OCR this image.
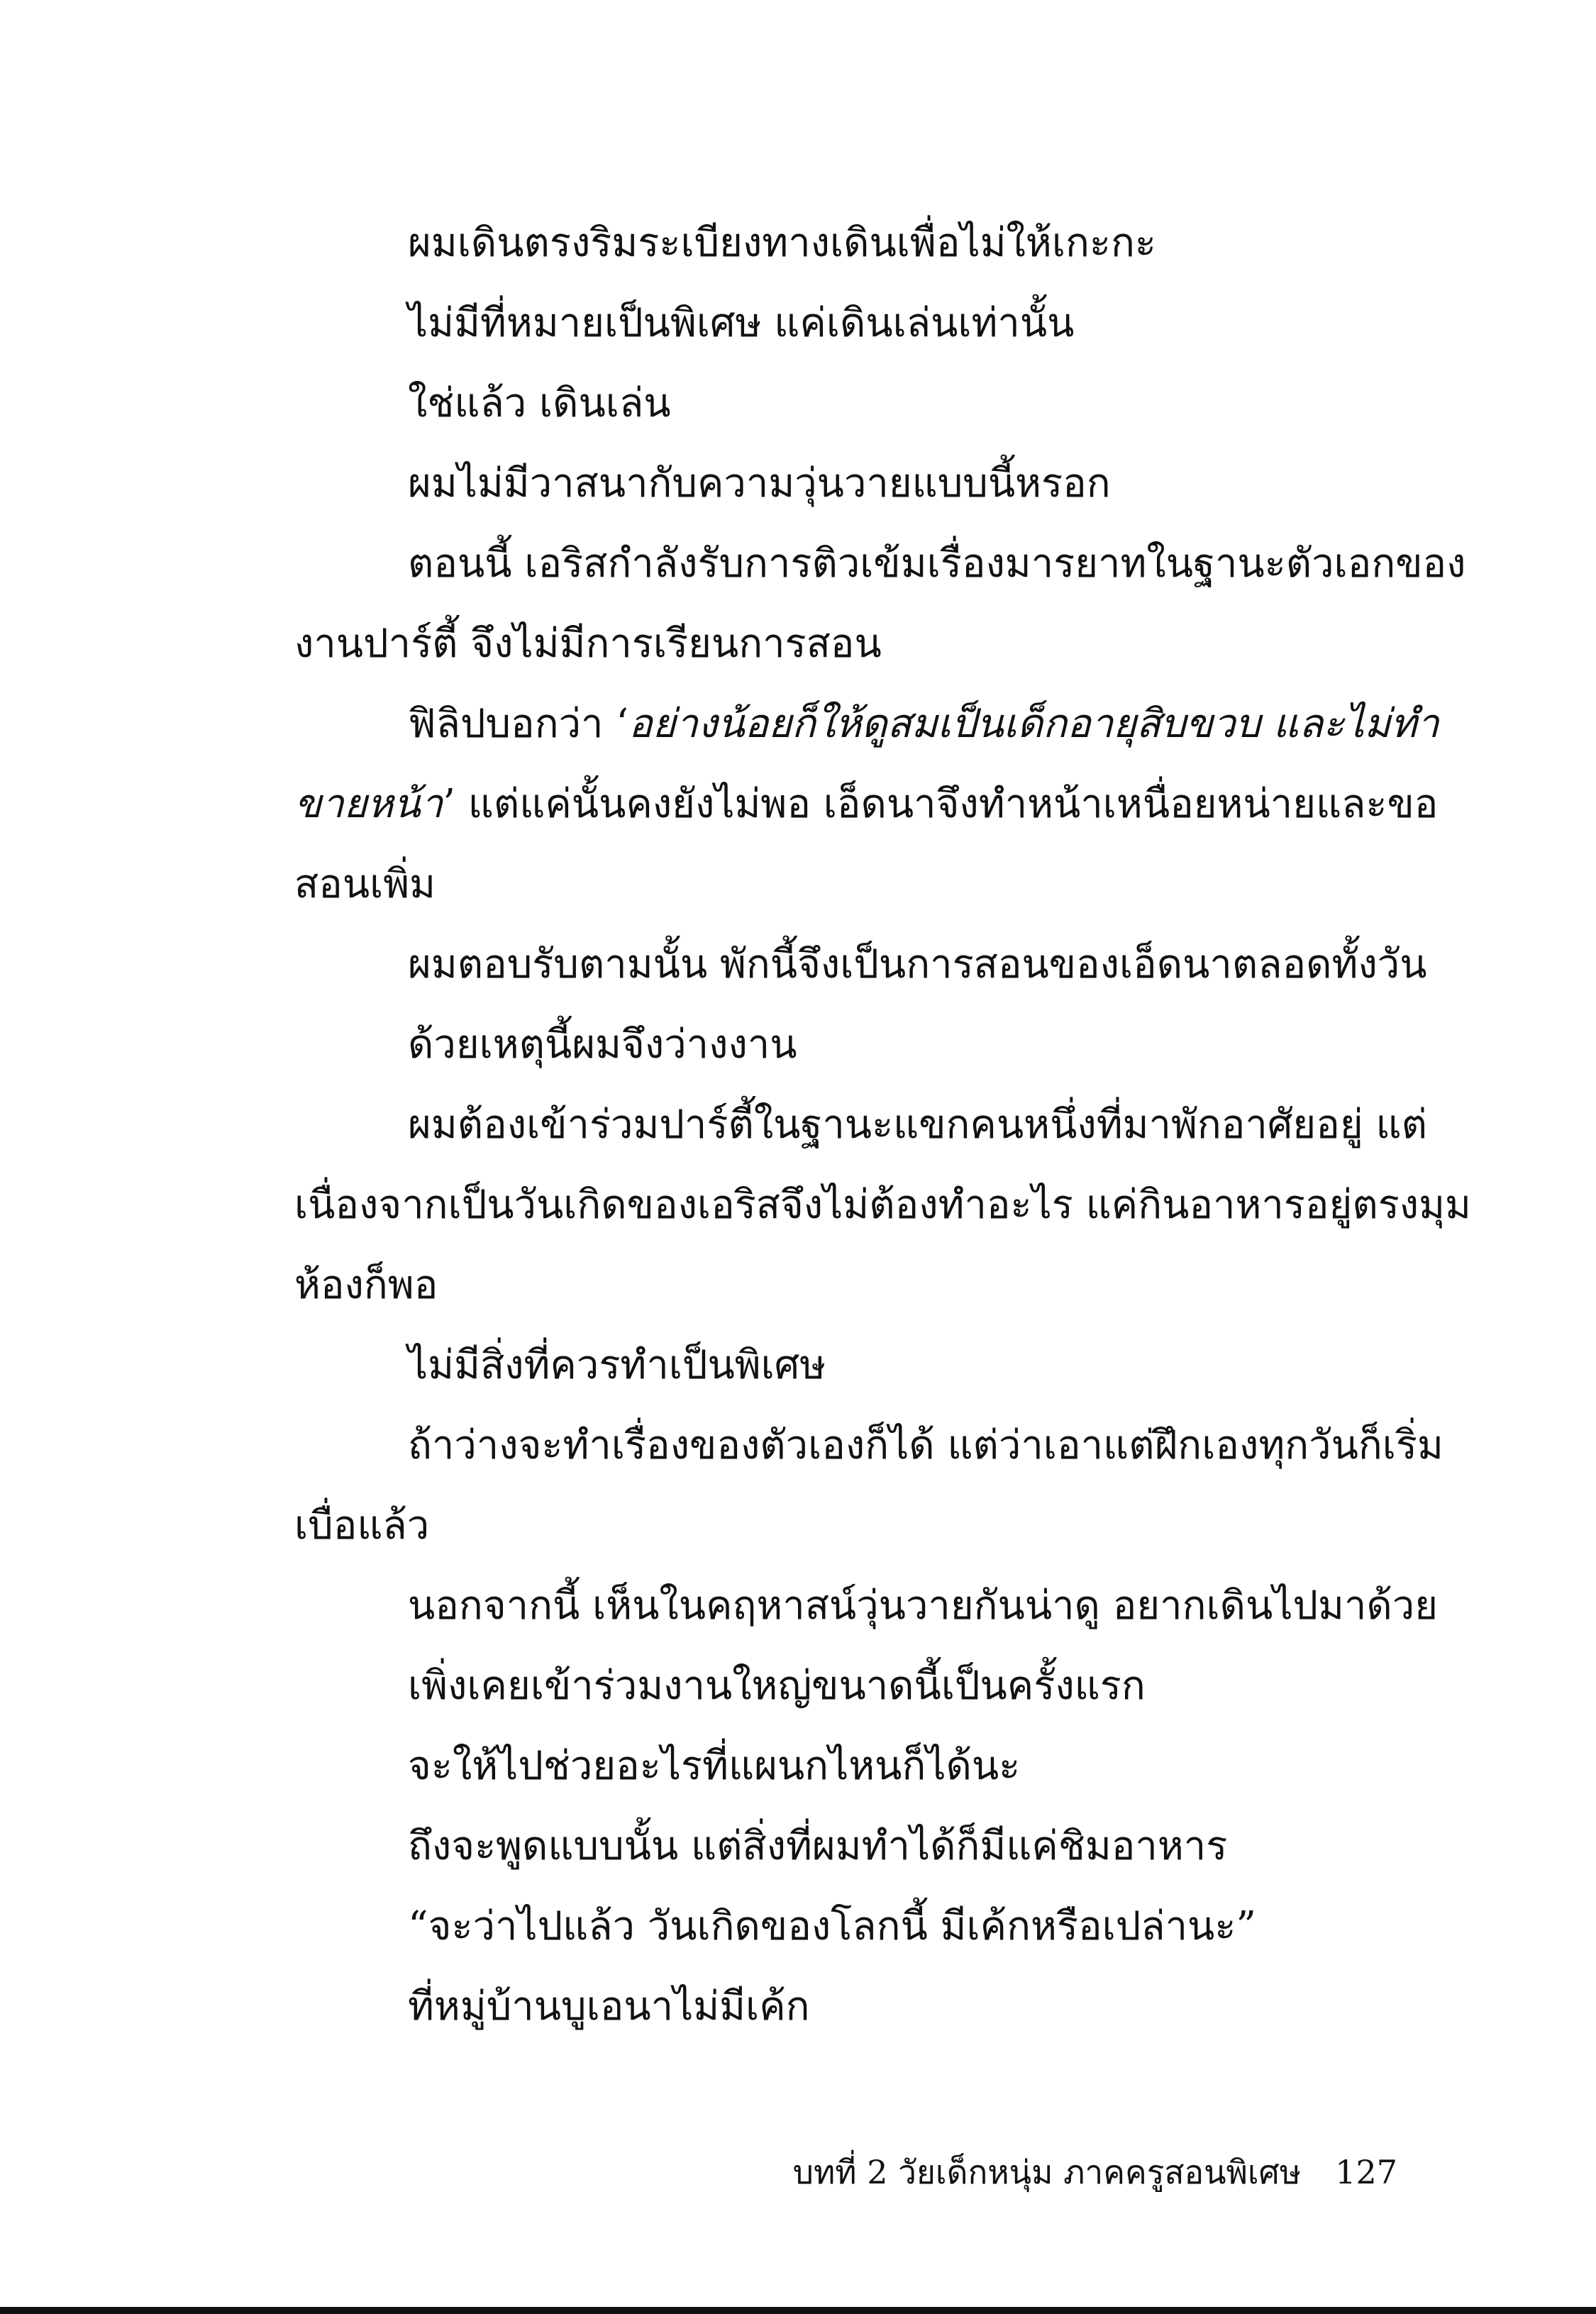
ผมเดินตรงริมระเบียงทางเดินเพื่อไม่ให้เกะกะ

ไม่มีที่หมายเป็นพิเศษ แค่เดินเล่นเท่านั้น

ใช่แล้ว เดินเล่น

ผมไม่มีวาสนากับความวุ่นวายแบบนี้หรอก

ตอนนี้ เอริสกำลังรับการติวเข้มเรื่องมารยาทในฐานะตัวเอกของ
งานปาร์ตี้ จึงไม่มีการเรียนการสอน

ฟิลิปบอกว่า ‘อย่างน้อยก็ให้ดูสมเป็นเด็กอายุสิบขวบ และไม่ทำ
ขายหน้า’ แต่แค่นั้นคงยังไม่พอ เอ็ดนาจึงทำหน้าเหนื่อยหน่ายและขอ
สอนเพิ่ม

ผมตอบรับตามนั้น พักนี้จึงเป็นการสอนของเอ็ดนาตลอดทั้งวัน

ด้วยเหตุนี้ผมจึงว่างงาน

ผมต้องเข้าร่วมปาร์ตี้ในฐานะแขกคนหนึ่งที่มาพักอาศัยอยู่ แต่
เนื่องจากเป็นวันเกิดของเอริสจึงไม่ต้องทำอะไร แค่กินอาหารอยู่ตรงมุม
ห้องก็พอ

ไม่มีสิ่งที่ควรทำเป็นพิเศษ

ถ้าว่างจะทำเรื่องของตัวเองก็ได้ แต่ว่าเอาแต่ฝึกเองทุกวันก็เริ่ม
เบื่อแล้ว

นอกจากนี้ เห็นในคฤหาสน์วุ่นวายกันน่าดู อยากเดินไปมาด้วย

เพิ่งเคยเข้าร่วมงานใหญ่ขนาดนี้เป็นครั้งแรก

จะให้ไปช่วยอะไรที่แผนกไหนก็ได้นะ

ถึงจะพูดแบบนั้น แต่สิ่งที่ผมทำได้ก็มีแค่ชิมอาหาร

“จะว่าไปแล้ว วันเกิดของโลกนี้ มีเค้กหรือเปล่านะ”

ที่หมู่บ้านบูเอนาไม่มีเค้ก

บทที่ 2 วัยเด็กหนุ่ม ภาคครูสอนพิเศษ 127
